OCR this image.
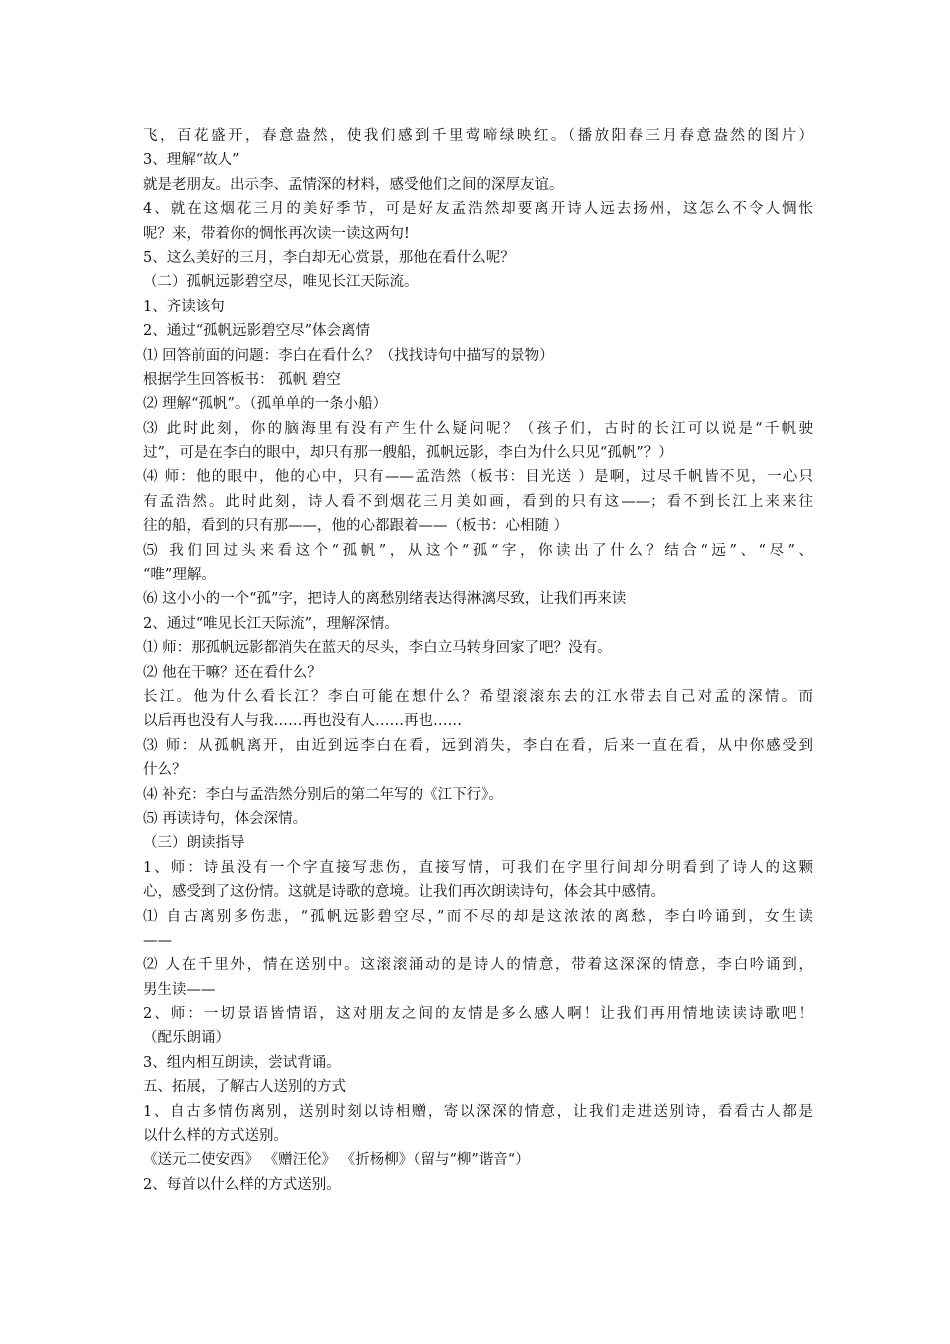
飞，百花盛开，春意盎然，使我们感到千里莺啼绿映红。（播放阳春三月春意盎然的图片）
3、理解“故人”
就是老朋友。出示李、孟情深的材料，感受他们之间的深厚友谊。
4、就在这烟花三月的美好季节，可是好友孟浩然却要离开诗人远去扬州，这怎么不令人惆怅
呢？来，带着你的惆怅再次读一读这两句!
5、这么美好的三月，李白却无心赏景，那他在看什么呢？
（二）孤帆远影碧空尽，唯见长江天际流。
1、齐读该句
2、通过“孤帆远影碧空尽”体会离情
⑴ 回答前面的问题：李白在看什么？（找找诗句中描写的景物）
根据学生回答板书： 孤帆 碧空
⑵ 理解“孤帆”。（孤单单的一条小船）
⑶ 此时此刻，你的脑海里有没有产生什么疑问呢？（孩子们，古时的长江可以说是“千帆驶
过”，可是在李白的眼中，却只有那一艘船，孤帆远影，李白为什么只见“孤帆”？）
⑷ 师：他的眼中，他的心中，只有——孟浩然（板书：目光送 ）是啊，过尽千帆皆不见，一心只
有孟浩然。此时此刻，诗人看不到烟花三月美如画，看到的只有这——；看不到长江上来来往
往的船，看到的只有那——，他的心都跟着——（板书：心相随 ）
⑸ 我们回过头来看这个“孤帆”，从这个“孤“字，你读出了什么？结合“远”、“尽”、
“唯”理解。
⑹ 这小小的一个“孤”字，把诗人的离愁别绪表达得淋漓尽致，让我们再来读
2、通过“唯见长江天际流”，理解深情。
⑴ 师：那孤帆远影都消失在蓝天的尽头，李白立马转身回家了吧？没有。
⑵ 他在干嘛？还在看什么？
长江。他为什么看长江？李白可能在想什么？希望滚滚东去的江水带去自己对孟的深情。而
以后再也没有人与我……再也没有人……再也……
⑶ 师：从孤帆离开，由近到远李白在看，远到消失，李白在看，后来一直在看，从中你感受到
什么？
⑷ 补充：李白与孟浩然分别后的第二年写的《江下行》。
⑸ 再读诗句，体会深情。
（三）朗读指导
1、师：诗虽没有一个字直接写悲伤，直接写情，可我们在字里行间却分明看到了诗人的这颗
心，感受到了这份情。这就是诗歌的意境。让我们再次朗读诗句，体会其中感情。
⑴ 自古离别多伤悲，“孤帆远影碧空尽，”而不尽的却是这浓浓的离愁，李白吟诵到，女生读
——
⑵ 人在千里外，情在送别中。这滚滚涌动的是诗人的情意，带着这深深的情意，李白吟诵到，
男生读——
2、师：一切景语皆情语，这对朋友之间的友情是多么感人啊！让我们再用情地读读诗歌吧！
（配乐朗诵）
3、组内相互朗读，尝试背诵。
五、拓展，了解古人送别的方式
1、自古多情伤离别，送别时刻以诗相赠，寄以深深的情意，让我们走进送别诗，看看古人都是
以什么样的方式送别。
《送元二使安西》 《赠汪伦》 《折杨柳》（留与“柳”谐音“）
2、每首以什么样的方式送别。
